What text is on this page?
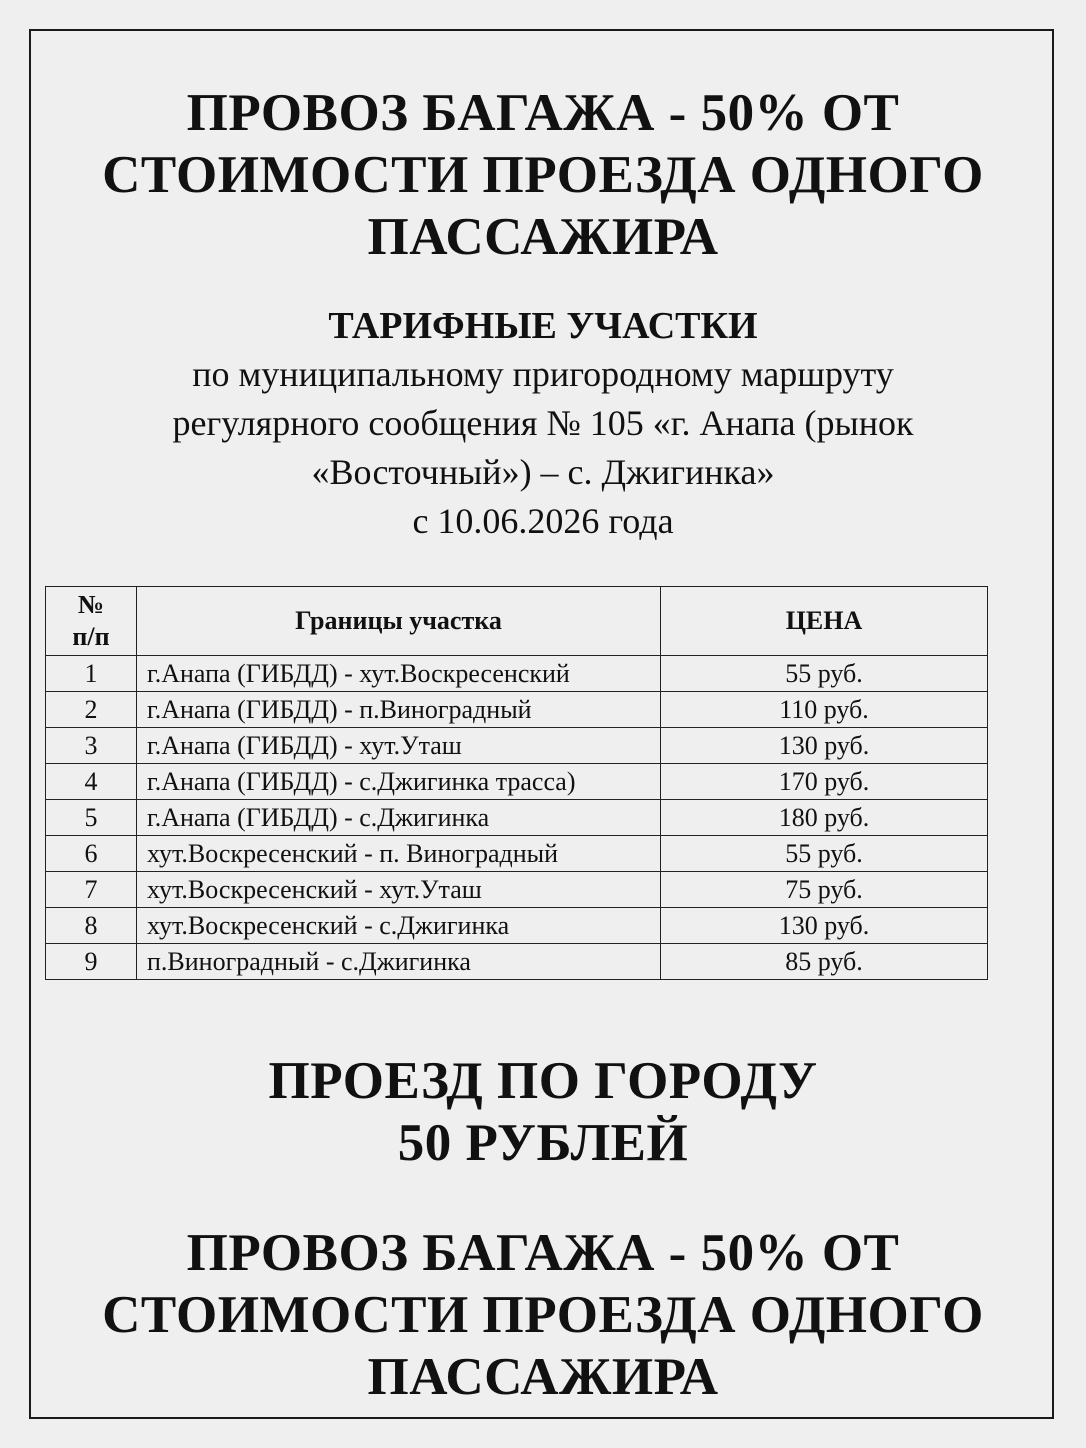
ПРОВОЗ БАГАЖА - 50% ОТ
СТОИМОСТИ ПРОЕЗДА ОДНОГО
ПАССАЖИРА
ТАРИФНЫЕ УЧАСТКИ
по муниципальному пригородному маршруту
регулярного сообщения № 105 «г. Анапа (рынок
«Восточный») – с. Джигинка»
с 10.06.2026 года
№
п/п	Границы участка	ЦЕНА
1	г.Анапа (ГИБДД) - хут.Воскресенский	55 руб.
2	г.Анапа (ГИБДД) - п.Виноградный	110 руб.
3	г.Анапа (ГИБДД) - хут.Уташ	130 руб.
4	г.Анапа (ГИБДД) - с.Джигинка трасса)	170 руб.
5	г.Анапа (ГИБДД) - с.Джигинка	180 руб.
6	хут.Воскресенский - п. Виноградный	55 руб.
7	хут.Воскресенский - хут.Уташ	75 руб.
8	хут.Воскресенский - с.Джигинка	130 руб.
9	п.Виноградный - с.Джигинка	85 руб.
ПРОЕЗД ПО ГОРОДУ
50 РУБЛЕЙ
ПРОВОЗ БАГАЖА - 50% ОТ
СТОИМОСТИ ПРОЕЗДА ОДНОГО
ПАССАЖИРА
